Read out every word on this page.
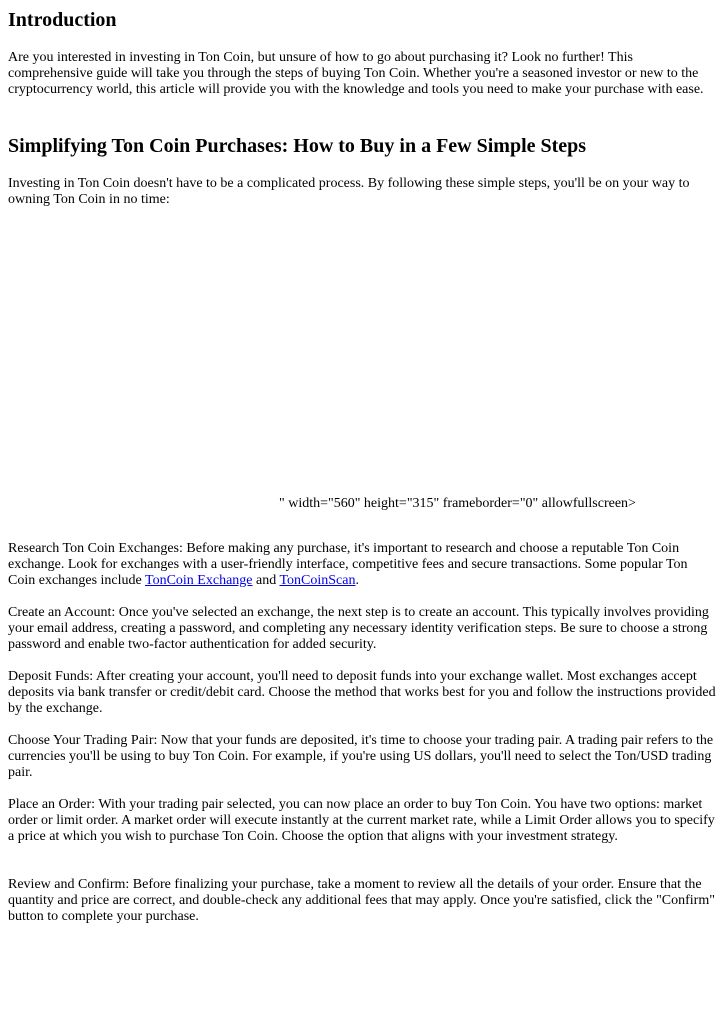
Introduction

Are you interested in investing in Ton Coin, but unsure of how to go about purchasing it? Look no further! This comprehensive guide will take you through the steps of buying Ton Coin. Whether you're a seasoned investor or new to the cryptocurrency world, this article will provide you with the knowledge and tools you need to make your purchase with ease.

Simplifying Ton Coin Purchases: How to Buy in a Few Simple Steps

Investing in Ton Coin doesn't have to be a complicated process. By following these simple steps, you'll be on your way to owning Ton Coin in no time:

" width="560" height="315" frameborder="0" allowfullscreen>

Research Ton Coin Exchanges: Before making any purchase, it's important to research and choose a reputable Ton Coin exchange. Look for exchanges with a user-friendly interface, competitive fees and secure transactions. Some popular Ton Coin exchanges include TonCoin Exchange and TonCoinScan.

Create an Account: Once you've selected an exchange, the next step is to create an account. This typically involves providing your email address, creating a password, and completing any necessary identity verification steps. Be sure to choose a strong password and enable two-factor authentication for added security.

Deposit Funds: After creating your account, you'll need to deposit funds into your exchange wallet. Most exchanges accept deposits via bank transfer or credit/debit card. Choose the method that works best for you and follow the instructions provided by the exchange.

Choose Your Trading Pair: Now that your funds are deposited, it's time to choose your trading pair. A trading pair refers to the currencies you'll be using to buy Ton Coin. For example, if you're using US dollars, you'll need to select the Ton/USD trading pair.

Place an Order: With your trading pair selected, you can now place an order to buy Ton Coin. You have two options: market order or limit order. A market order will execute instantly at the current market rate, while a Limit Order allows you to specify a price at which you wish to purchase Ton Coin. Choose the option that aligns with your investment strategy.

Review and Confirm: Before finalizing your purchase, take a moment to review all the details of your order. Ensure that the quantity and price are correct, and double-check any additional fees that may apply. Once you're satisfied, click the "Confirm" button to complete your purchase.
